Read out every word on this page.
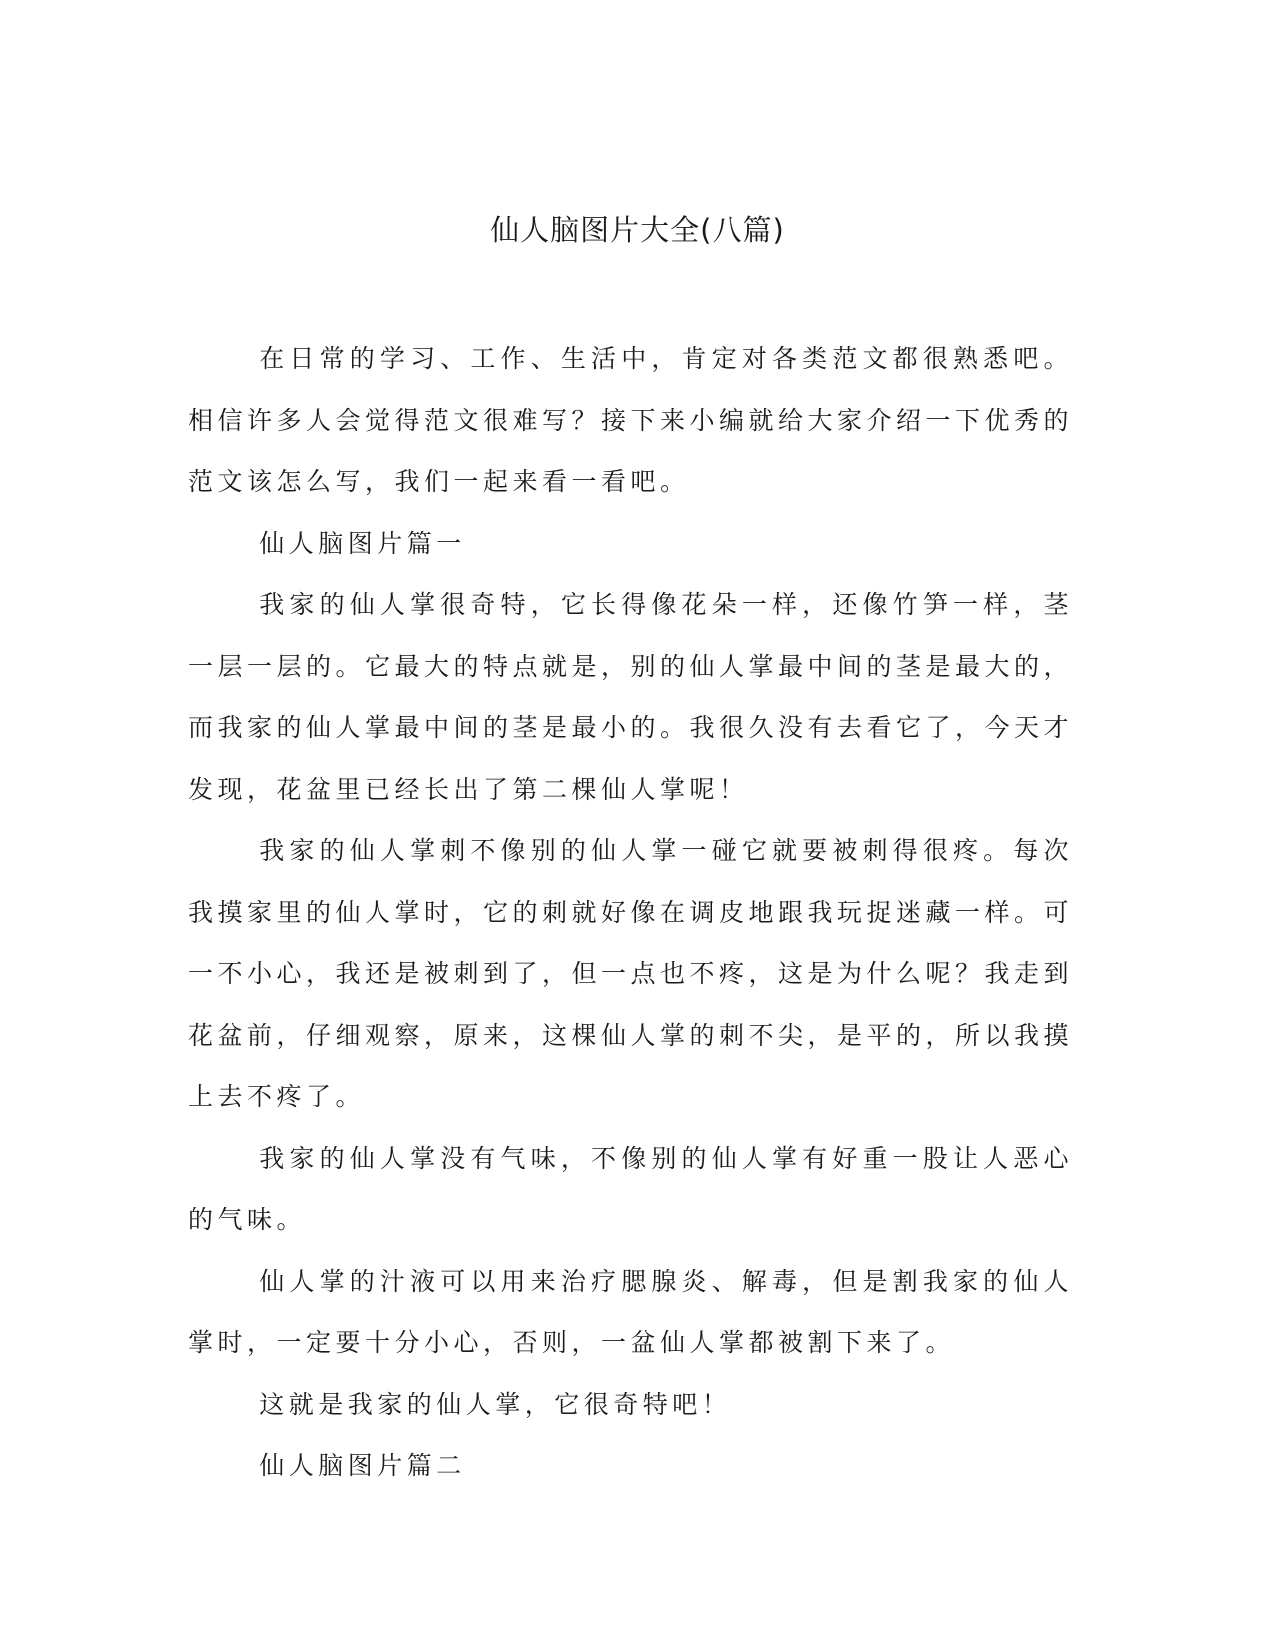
仙人脑图片大全(八篇)

在日常的学习、工作、生活中，肯定对各类范文都很熟悉吧。相信许多人会觉得范文很难写？接下来小编就给大家介绍一下优秀的范文该怎么写，我们一起来看一看吧。

仙人脑图片篇一

我家的仙人掌很奇特，它长得像花朵一样，还像竹笋一样，茎一层一层的。它最大的特点就是，别的仙人掌最中间的茎是最大的，而我家的仙人掌最中间的茎是最小的。我很久没有去看它了，今天才发现，花盆里已经长出了第二棵仙人掌呢！

我家的仙人掌刺不像别的仙人掌一碰它就要被刺得很疼。每次我摸家里的仙人掌时，它的刺就好像在调皮地跟我玩捉迷藏一样。可一不小心，我还是被刺到了，但一点也不疼，这是为什么呢？我走到花盆前，仔细观察，原来，这棵仙人掌的刺不尖，是平的，所以我摸上去不疼了。

我家的仙人掌没有气味，不像别的仙人掌有好重一股让人恶心的气味。

仙人掌的汁液可以用来治疗腮腺炎、解毒，但是割我家的仙人掌时，一定要十分小心，否则，一盆仙人掌都被割下来了。

这就是我家的仙人掌，它很奇特吧！

仙人脑图片篇二
